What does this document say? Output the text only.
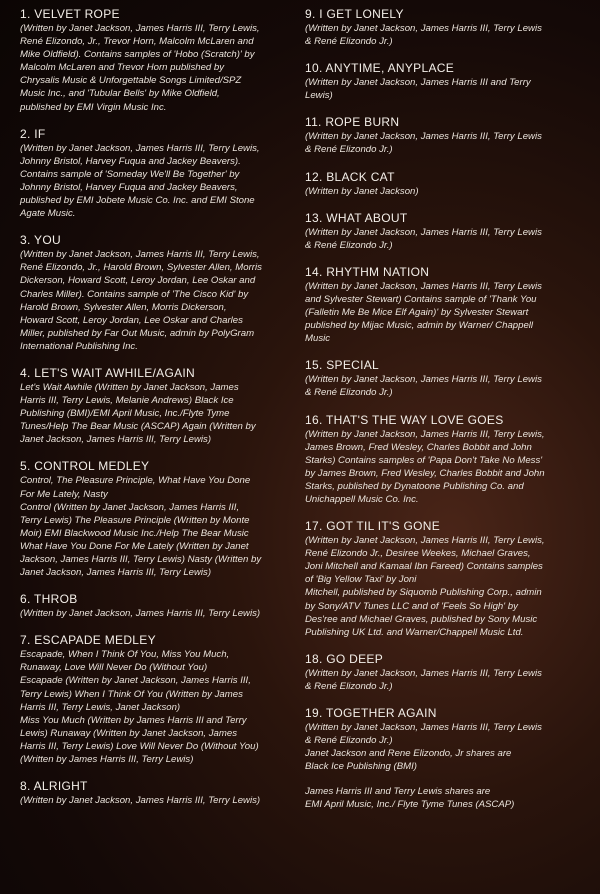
1. VELVET ROPE
(Written by Janet Jackson, James Harris III, Terry Lewis,
René Elizondo, Jr., Trevor Horn, Malcolm McLaren and
Mike Oldfield). Contains samples of 'Hobo (Scratch)' by
Malcolm McLaren and Trevor Horn published by
Chrysalis Music & Unforgettable Songs Limited/SPZ
Music Inc., and 'Tubular Bells' by Mike Oldfield,
published by EMI Virgin Music Inc.
2. IF
(Written by Janet Jackson, James Harris III, Terry Lewis,
Johnny Bristol, Harvey Fuqua and Jackey Beavers).
Contains sample of 'Someday We'll Be Together' by
Johnny Bristol, Harvey Fuqua and Jackey Beavers,
published by EMI Jobete Music Co. Inc. and EMI Stone
Agate Music.
3. YOU
(Written by Janet Jackson, James Harris III, Terry Lewis,
René Elizondo, Jr., Harold Brown, Sylvester Allen, Morris
Dickerson, Howard Scott, Leroy Jordan, Lee Oskar and
Charles Miller). Contains sample of 'The Cisco Kid' by
Harold Brown, Sylvester Allen, Morris Dickerson,
Howard Scott, Leroy Jordan, Lee Oskar and Charles
Miller, published by Far Out Music, admin by PolyGram
International Publishing Inc.
4. LET'S WAIT AWHILE/AGAIN
Let's Wait Awhile (Written by Janet Jackson, James
Harris III, Terry Lewis, Melanie Andrews) Black Ice
Publishing (BMI)/EMI April Music, Inc./Flyte Tyme
Tunes/Help The Bear Music (ASCAP) Again (Written by
Janet Jackson, James Harris III, Terry Lewis)
5. CONTROL MEDLEY
Control, The Pleasure Principle, What Have You Done
For Me Lately, Nasty
Control (Written by Janet Jackson, James Harris III,
Terry Lewis) The Pleasure Principle (Written by Monte
Moir) EMI Blackwood Music Inc./Help The Bear Music
What Have You Done For Me Lately (Written by Janet
Jackson, James Harris III, Terry Lewis) Nasty (Written by
Janet Jackson, James Harris III, Terry Lewis)
6. THROB
(Written by Janet Jackson, James Harris III, Terry Lewis)
7. ESCAPADE MEDLEY
Escapade, When I Think Of You, Miss You Much,
Runaway, Love Will Never Do (Without You)
Escapade (Written by Janet Jackson, James Harris III,
Terry Lewis) When I Think Of You (Written by James
Harris III, Terry Lewis, Janet Jackson)
Miss You Much (Written by James Harris III and Terry
Lewis) Runaway (Written by Janet Jackson, James
Harris III, Terry Lewis) Love Will Never Do (Without You)
(Written by James Harris III, Terry Lewis)
8. ALRIGHT
(Written by Janet Jackson, James Harris III, Terry Lewis)
9. I GET LONELY
(Written by Janet Jackson, James Harris III, Terry Lewis
& René Elizondo Jr.)
10. ANYTIME, ANYPLACE
(Written by Janet Jackson, James Harris III and Terry
Lewis)
11. ROPE BURN
(Written by Janet Jackson, James Harris III, Terry Lewis
& René Elizondo Jr.)
12. BLACK CAT
(Written by Janet Jackson)
13. WHAT ABOUT
(Written by Janet Jackson, James Harris III, Terry Lewis
& René Elizondo Jr.)
14. RHYTHM NATION
(Written by Janet Jackson, James Harris III, Terry Lewis
and Sylvester Stewart) Contains sample of 'Thank You
(Falletin Me Be Mice Elf Again)' by Sylvester Stewart
published by Mijac Music, admin by Warner/ Chappell
Music
15. SPECIAL
(Written by Janet Jackson, James Harris III, Terry Lewis
& René Elizondo Jr.)
16. THAT'S THE WAY LOVE GOES
(Written by Janet Jackson, James Harris III, Terry Lewis,
James Brown, Fred Wesley, Charles Bobbit and John
Starks) Contains samples of 'Papa Don't Take No Mess'
by James Brown, Fred Wesley, Charles Bobbit and John
Starks, published by Dynatoone Publishing Co. and
Unichappell Music Co. Inc.
17. GOT TIL IT'S GONE
(Written by Janet Jackson, James Harris III, Terry Lewis,
René Elizondo Jr., Desiree Weekes, Michael Graves,
Joni Mitchell and Kamaal Ibn Fareed) Contains samples
of 'Big Yellow Taxi' by Joni
Mitchell, published by Siquomb Publishing Corp., admin
by Sony/ATV Tunes LLC and of 'Feels So High' by
Des'ree and Michael Graves, published by Sony Music
Publishing UK Ltd. and Warner/Chappell Music Ltd.
18. GO DEEP
(Written by Janet Jackson, James Harris III, Terry Lewis
& René Elizondo Jr.)
19. TOGETHER AGAIN
(Written by Janet Jackson, James Harris III, Terry Lewis
& René Elizondo Jr.)
Janet Jackson and Rene Elizondo, Jr shares are
Black Ice Publishing (BMI)
James Harris III and Terry Lewis shares are
EMI April Music, Inc./ Flyte Tyme Tunes (ASCAP)
